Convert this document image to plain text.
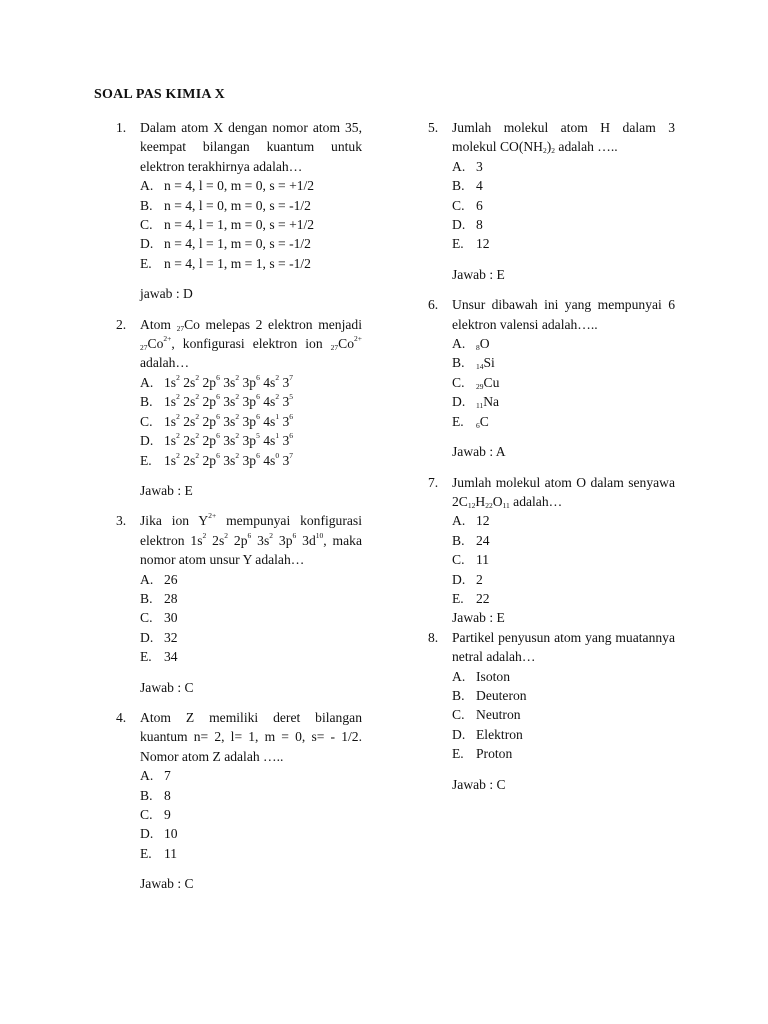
SOAL PAS KIMIA X
1. Dalam atom X dengan nomor atom 35, keempat bilangan kuantum untuk elektron terakhirnya adalah…
A. n = 4, l = 0, m = 0, s = +1/2
B. n = 4, l = 0, m = 0, s = -1/2
C. n = 4, l = 1, m = 0, s = +1/2
D. n = 4, l = 1, m = 0, s = -1/2
E. n = 4, l = 1, m = 1, s = -1/2
jawab : D
2. Atom $_{27}$Co melepas 2 elektron menjadi $_{27}Co^{2+}$, konfigurasi elektron ion $_{27}Co^{2+}$ adalah…
A. $1s^2$ $2s^2$ $2p^6$ $3s^2$ $3p^6$ $4s^2$ $3^7$
B. $1s^2$ $2s^2$ $2p^6$ $3s^2$ $3p^6$ $4s^2$ $3^5$
C. $1s^2$ $2s^2$ $2p^6$ $3s^2$ $3p^6$ $4s^1$ $3^6$
D. $1s^2$ $2s^2$ $2p^6$ $3s^2$ $3p^5$ $4s^1$ $3^6$
E. $1s^2$ $2s^2$ $2p^6$ $3s^2$ $3p^6$ $4s^0$ $3^7$
Jawab : E
3. Jika ion $Y^{2+}$ mempunyai konfigurasi elektron $1s^2$ $2s^2$ $2p^6$ $3s^2$ $3p^6$ $3d^{10}$, maka nomor atom unsur Y adalah…
A. 26
B. 28
C. 30
D. 32
E. 34
Jawab : C
4. Atom Z memiliki deret bilangan kuantum n= 2, l= 1, m = 0, s= - 1/2. Nomor atom Z adalah …..
A. 7
B. 8
C. 9
D. 10
E. 11
Jawab : C
5. Jumlah molekul atom H dalam 3 molekul $CO(NH_2)_2$ adalah …..
A. 3
B. 4
C. 6
D. 8
E. 12
Jawab : E
6. Unsur dibawah ini yang mempunyai 6 elektron valensi adalah…..
A. $_8$O
B. $_{14}$Si
C. $_{29}$Cu
D. $_{11}$Na
E. $_6$C
Jawab : A
7. Jumlah molekul atom O dalam senyawa $2C_{12}H_{22}O_{11}$ adalah…
A. 12
B. 24
C. 11
D. 2
E. 22
Jawab : E
8. Partikel penyusun atom yang muatannya netral adalah…
A. Isoton
B. Deuteron
C. Neutron
D. Elektron
E. Proton
Jawab : C
